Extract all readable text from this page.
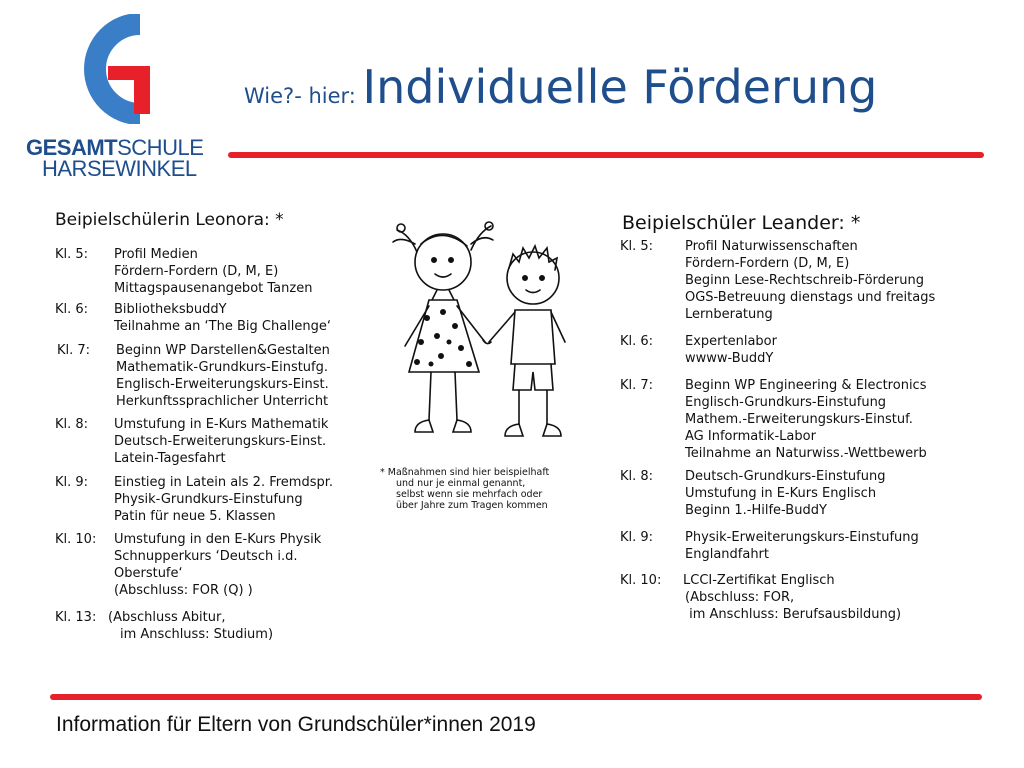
GESAMTSCHULE
HARSEWINKEL
Wie?- hier: Individuelle Förderung
Beipielschülerin Leonora: *
Kl. 5: Profil Medien
Fördern-Fordern (D, M, E)
Mittagspausenangebot Tanzen
Kl. 6: BibliotheksbuddY
Teilnahme an ‘The Big Challenge‘
Kl. 7: Beginn WP Darstellen&Gestalten
Mathematik-Grundkurs-Einstufg.
Englisch-Erweiterungskurs-Einst.
Herkunftssprachlicher Unterricht
Kl. 8: Umstufung in E-Kurs Mathematik
Deutsch-Erweiterungskurs-Einst.
Latein-Tagesfahrt
Kl. 9: Einstieg in Latein als 2. Fremdspr.
Physik-Grundkurs-Einstufung
Patin für neue 5. Klassen
Kl. 10: Umstufung in den E-Kurs Physik
Schnupperkurs ‘Deutsch i.d.
Oberstufe‘
(Abschluss: FOR (Q) )
Kl. 13: (Abschluss Abitur,
im Anschluss: Studium)
* Maßnahmen sind hier beispielhaft
und nur je einmal genannt,
selbst wenn sie mehrfach oder
über Jahre zum Tragen kommen
Beipielschüler Leander: *
Kl. 5: Profil Naturwissenschaften
Fördern-Fordern (D, M, E)
Beginn Lese-Rechtschreib-Förderung
OGS-Betreuung dienstags und freitags
Lernberatung
Kl. 6: Expertenlabor
wwww-BuddY
Kl. 7: Beginn WP Engineering & Electronics
Englisch-Grundkurs-Einstufung
Mathem.-Erweiterungskurs-Einstuf.
AG Informatik-Labor
Teilnahme an Naturwiss.-Wettbewerb
Kl. 8: Deutsch-Grundkurs-Einstufung
Umstufung in E-Kurs Englisch
Beginn 1.-Hilfe-BuddY
Kl. 9: Physik-Erweiterungskurs-Einstufung
Englandfahrt
Kl. 10: LCCI-Zertifikat Englisch
(Abschluss: FOR,
im Anschluss: Berufsausbildung)
Information für Eltern von Grundschüler*innen 2019
